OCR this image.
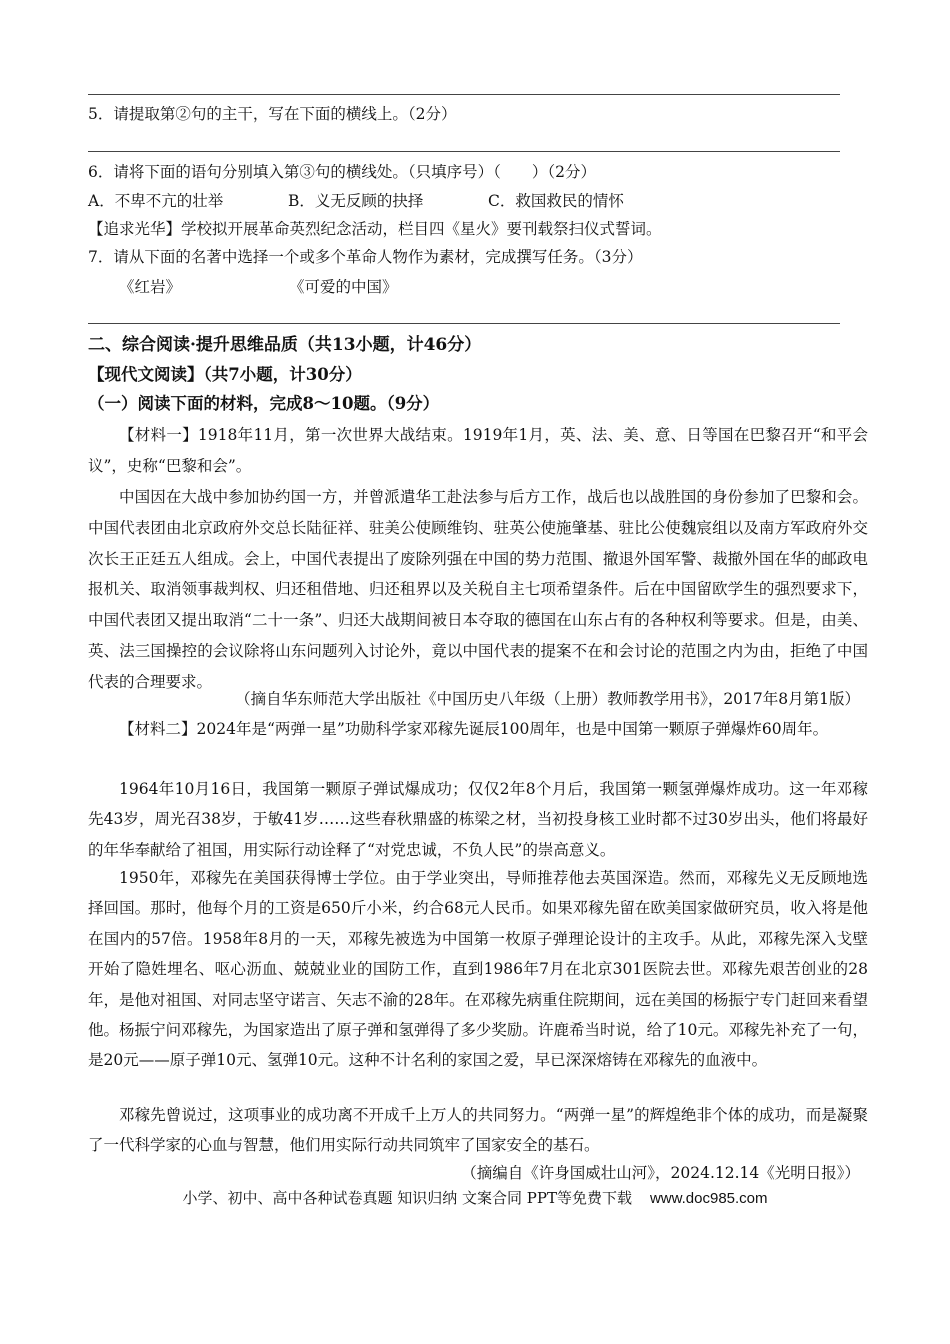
5．请提取第②句的主干，写在下面的横线上。（2分）
6．请将下面的语句分别填入第③句的横线处。（只填序号）（　　）（2分）
A．不卑不亢的壮举	B．义无反顾的抉择	C．救国救民的情怀
【追求光华】学校拟开展革命英烈纪念活动，栏目四《星火》要刊载祭扫仪式誓词。
7．请从下面的名著中选择一个或多个革命人物作为素材，完成撰写任务。（3分）
《红岩》	《可爱的中国》
二、综合阅读·提升思维品质（共13小题，计46分）
【现代文阅读】（共7小题，计30分）
（一）阅读下面的材料，完成8～10题。（9分）

【材料一】1918年11月，第一次世界大战结束。1919年1月，英、法、美、意、日等国在巴黎召开“和平会议”，史称“巴黎和会”。

中国因在大战中参加协约国一方，并曾派遣华工赴法参与后方工作，战后也以战胜国的身份参加了巴黎和会。中国代表团由北京政府外交总长陆征祥、驻美公使顾维钧、驻英公使施肇基、驻比公使魏宸组以及南方军政府外交次长王正廷五人组成。会上，中国代表提出了废除列强在中国的势力范围、撤退外国军警、裁撤外国在华的邮政电报机关、取消领事裁判权、归还租借地、归还租界以及关税自主七项希望条件。后在中国留欧学生的强烈要求下，中国代表团又提出取消“二十一条”、归还大战期间被日本夺取的德国在山东占有的各种权利等要求。但是，由美、英、法三国操控的会议除将山东问题列入讨论外，竟以中国代表的提案不在和会讨论的范围之内为由，拒绝了中国代表的合理要求。

（摘自华东师范大学出版社《中国历史八年级（上册）教师教学用书》，2017年8月第1版）

【材料二】2024年是“两弹一星”功勋科学家邓稼先诞辰100周年，也是中国第一颗原子弹爆炸60周年。

1964年10月16日，我国第一颗原子弹试爆成功；仅仅2年8个月后，我国第一颗氢弹爆炸成功。这一年邓稼先43岁，周光召38岁，于敏41岁……这些春秋鼎盛的栋梁之材，当初投身核工业时都不过30岁出头，他们将最好的年华奉献给了祖国，用实际行动诠释了“对党忠诚，不负人民”的崇高意义。

1950年，邓稼先在美国获得博士学位。由于学业突出，导师推荐他去英国深造。然而，邓稼先义无反顾地选择回国。那时，他每个月的工资是650斤小米，约合68元人民币。如果邓稼先留在欧美国家做研究员，收入将是他在国内的57倍。1958年8月的一天，邓稼先被选为中国第一枚原子弹理论设计的主攻手。从此，邓稼先深入戈壁开始了隐姓埋名、呕心沥血、兢兢业业的国防工作，直到1986年7月在北京301医院去世。邓稼先艰苦创业的28年，是他对祖国、对同志坚守诺言、矢志不渝的28年。在邓稼先病重住院期间，远在美国的杨振宁专门赶回来看望他。杨振宁问邓稼先，为国家造出了原子弹和氢弹得了多少奖励。许鹿希当时说，给了10元。邓稼先补充了一句，是20元——原子弹10元、氢弹10元。这种不计名利的家国之爱，早已深深熔铸在邓稼先的血液中。

邓稼先曾说过，这项事业的成功离不开成千上万人的共同努力。“两弹一星”的辉煌绝非个体的成功，而是凝聚了一代科学家的心血与智慧，他们用实际行动共同筑牢了国家安全的基石。

（摘编自《许身国威壮山河》，2024.12.14《光明日报》）
小学、初中、高中各种试卷真题 知识归纳 文案合同 PPT等免费下载 www.doc985.com
